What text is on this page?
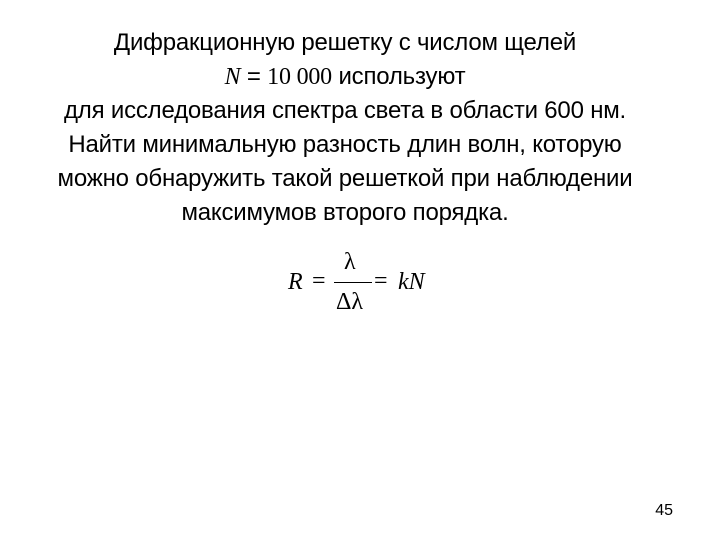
Дифракционную решетку с числом щелей
N = 10 000 используют
для исследования спектра света в области 600 нм.
Найти минимальную разность длин волн, которую
можно обнаружить такой решеткой при наблюдении
максимумов второго порядка.
R =
λ
Δλ
= kN
45
